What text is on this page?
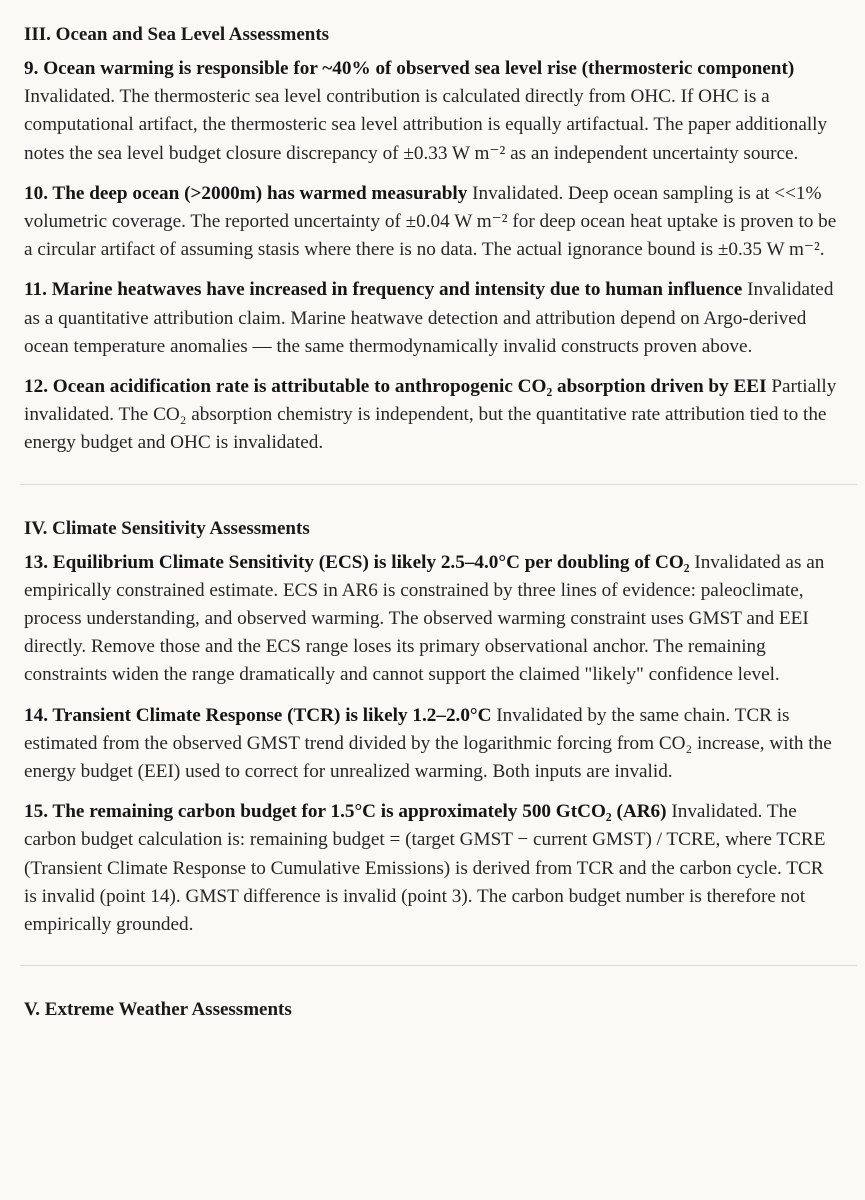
III. Ocean and Sea Level Assessments

9. Ocean warming is responsible for ~40% of observed sea level rise (thermosteric component) Invalidated. The thermosteric sea level contribution is calculated directly from OHC. If OHC is a computational artifact, the thermosteric sea level attribution is equally artifactual. The paper additionally notes the sea level budget closure discrepancy of ±0.33 W m⁻² as an independent uncertainty source.

10. The deep ocean (>2000m) has warmed measurably Invalidated. Deep ocean sampling is at <<1% volumetric coverage. The reported uncertainty of ±0.04 W m⁻² for deep ocean heat uptake is proven to be a circular artifact of assuming stasis where there is no data. The actual ignorance bound is ±0.35 W m⁻².

11. Marine heatwaves have increased in frequency and intensity due to human influence Invalidated as a quantitative attribution claim. Marine heatwave detection and attribution depend on Argo-derived ocean temperature anomalies — the same thermodynamically invalid constructs proven above.

12. Ocean acidification rate is attributable to anthropogenic CO₂ absorption driven by EEI Partially invalidated. The CO₂ absorption chemistry is independent, but the quantitative rate attribution tied to the energy budget and OHC is invalidated.

IV. Climate Sensitivity Assessments

13. Equilibrium Climate Sensitivity (ECS) is likely 2.5–4.0°C per doubling of CO₂ Invalidated as an empirically constrained estimate. ECS in AR6 is constrained by three lines of evidence: paleoclimate, process understanding, and observed warming. The observed warming constraint uses GMST and EEI directly. Remove those and the ECS range loses its primary observational anchor. The remaining constraints widen the range dramatically and cannot support the claimed "likely" confidence level.

14. Transient Climate Response (TCR) is likely 1.2–2.0°C Invalidated by the same chain. TCR is estimated from the observed GMST trend divided by the logarithmic forcing from CO₂ increase, with the energy budget (EEI) used to correct for unrealized warming. Both inputs are invalid.

15. The remaining carbon budget for 1.5°C is approximately 500 GtCO₂ (AR6) Invalidated. The carbon budget calculation is: remaining budget = (target GMST − current GMST) / TCRE, where TCRE (Transient Climate Response to Cumulative Emissions) is derived from TCR and the carbon cycle. TCR is invalid (point 14). GMST difference is invalid (point 3). The carbon budget number is therefore not empirically grounded.

V. Extreme Weather Assessments
